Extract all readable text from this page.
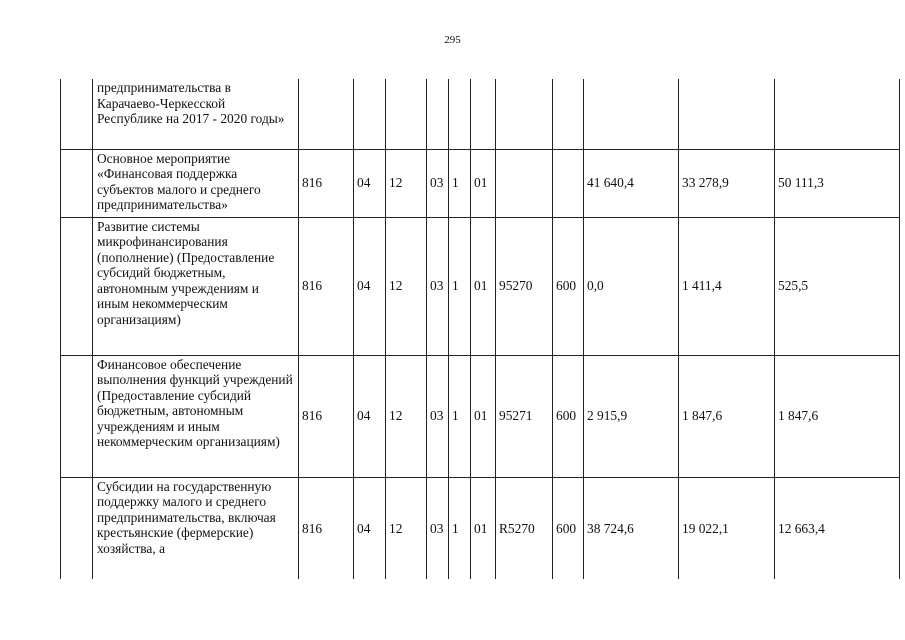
295
	предпринимательства в Карачаево-Черкесской Республике на 2017 - 2020 годы»											
	Основное мероприятие «Финансовая поддержка субъектов малого и среднего предпринимательства»	816	04	12	03	1	01			41 640,4	33 278,9	50 111,3
	Развитие системы микрофинансирования (пополнение) (Предоставление субсидий бюджетным, автономным учреждениям и иным некоммерческим организациям)	816	04	12	03	1	01	95270	600	0,0	1 411,4	525,5
	Финансовое обеспечение выполнения функций учреждений (Предоставление субсидий бюджетным, автономным учреждениям и иным некоммерческим организациям)	816	04	12	03	1	01	95271	600	2 915,9	1 847,6	1 847,6
	Субсидии на государственную поддержку малого и среднего предпринимательства, включая крестьянские (фермерские) хозяйства, а	816	04	12	03	1	01	R5270	600	38 724,6	19 022,1	12 663,4
